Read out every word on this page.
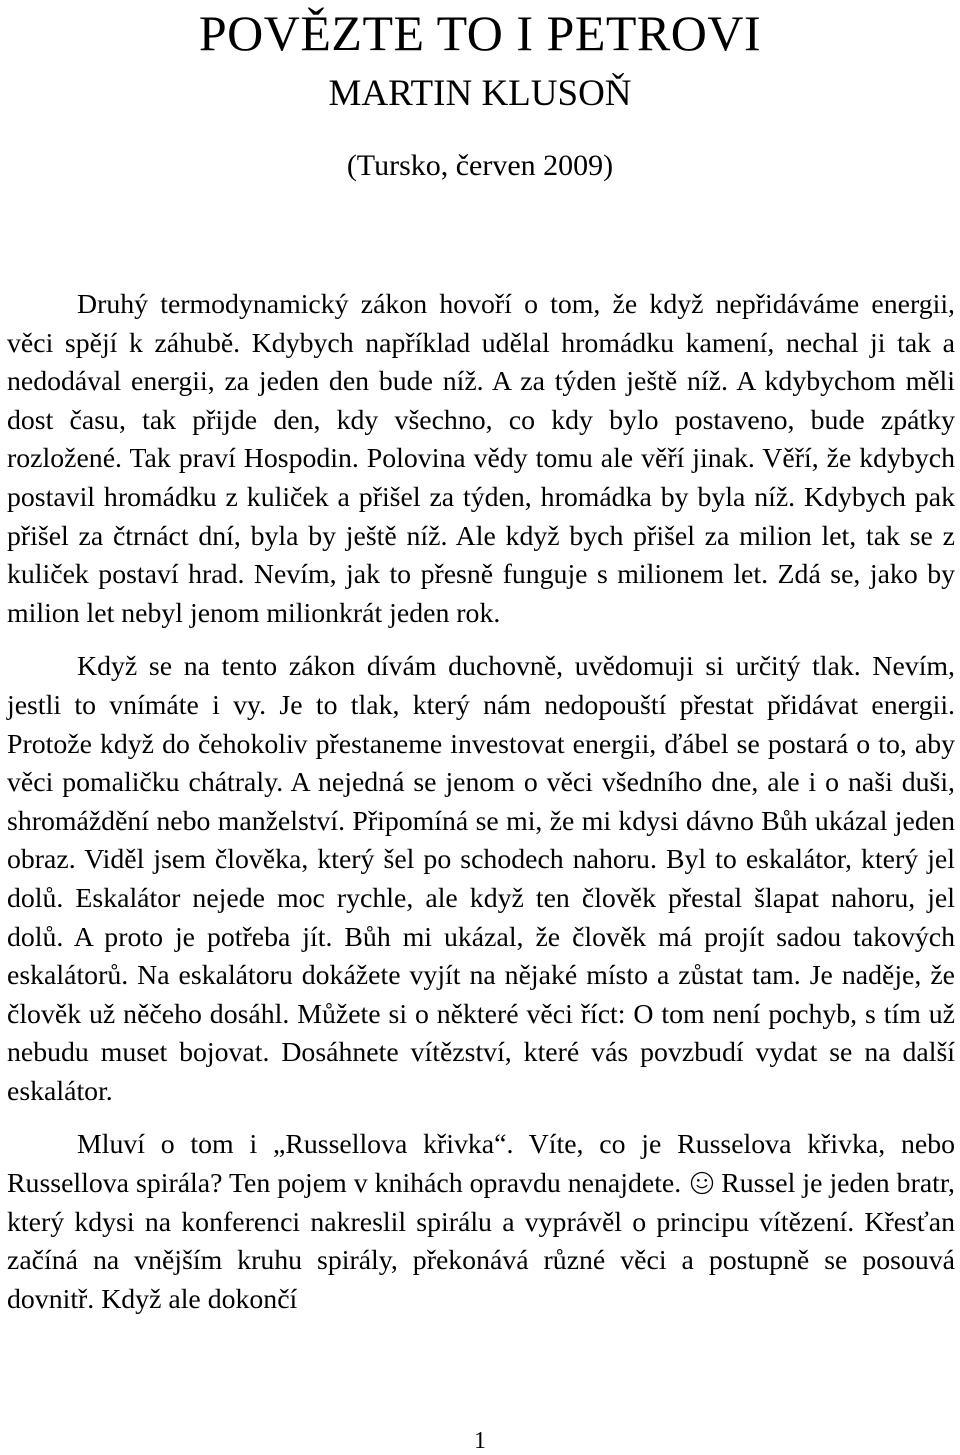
POVĚZTE TO I PETROVI
MARTIN KLUSOŇ
(Tursko, červen 2009)

Druhý termodynamický zákon hovoří o tom, že když nepřidáváme energii, věci spějí k záhubě. Kdybych například udělal hromádku kamení, nechal ji tak a nedodával energii, za jeden den bude níž. A za týden ještě níž. A kdybychom měli dost času, tak přijde den, kdy všechno, co kdy bylo postaveno, bude zpátky rozložené. Tak praví Hospodin. Polovina vědy tomu ale věří jinak. Věří, že kdybych postavil hromádku z kuliček a přišel za týden, hromádka by byla níž. Kdybych pak přišel za čtrnáct dní, byla by ještě níž. Ale když bych přišel za milion let, tak se z kuliček postaví hrad. Nevím, jak to přesně funguje s milionem let. Zdá se, jako by milion let nebyl jenom milionkrát jeden rok.

Když se na tento zákon dívám duchovně, uvědomuji si určitý tlak. Nevím, jestli to vnímáte i vy. Je to tlak, který nám nedopouští přestat přidávat energii. Protože když do čehokoliv přestaneme investovat energii, ďábel se postará o to, aby věci pomaličku chátraly. A nejedná se jenom o věci všedního dne, ale i o naši duši, shromáždění nebo manželství. Připomíná se mi, že mi kdysi dávno Bůh ukázal jeden obraz. Viděl jsem člověka, který šel po schodech nahoru. Byl to eskalátor, který jel dolů. Eskalátor nejede moc rychle, ale když ten člověk přestal šlapat nahoru, jel dolů. A proto je potřeba jít. Bůh mi ukázal, že člověk má projít sadou takových eskalátorů. Na eskalátoru dokážete vyjít na nějaké místo a zůstat tam. Je naděje, že člověk už něčeho dosáhl. Můžete si o některé věci říct: O tom není pochyb, s tím už nebudu muset bojovat. Dosáhnete vítězství, které vás povzbudí vydat se na další eskalátor.

Mluví o tom i „Russellova křivka“. Víte, co je Russelova křivka, nebo Russellova spirála? Ten pojem v knihách opravdu nenajdete. Russel je jeden bratr, který kdysi na konferenci nakreslil spirálu a vyprávěl o principu vítězení. Křesťan začíná na vnějším kruhu spirály, překonává různé věci a postupně se posouvá dovnitř. Když ale dokončí

1
